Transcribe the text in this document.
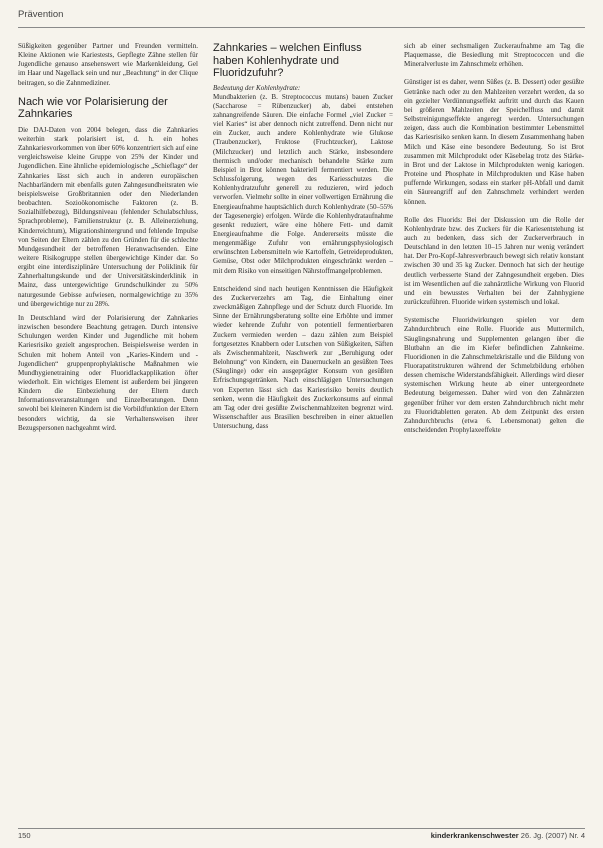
Prävention

Süßigkeiten gegenüber Partner und Freunden vermitteln. Kleine Aktionen wie Kariestests, Gepflegte Zähne stellen für Jugendliche genauso ansehenswert wie Markenkleidung, Gel im Haar und Nagellack sein und nur „Beachtung“ in der Clique beitragen, so die Zahnmediziner.

Nach wie vor Polarisierung der Zahnkaries

Die DAJ-Daten von 2004 belegen, dass die Zahnkaries weiterhin stark polarisiert ist, d. h. ein hohes Zahnkariesvorkommen von über 60% konzentriert sich auf eine vergleichsweise kleine Gruppe von 25% der Kinder und Jugendlichen. Eine ähnliche epidemiologische „Schieflage“ der Zahnkaries lässt sich auch in anderen europäischen Nachbarländern mit ebenfalls guten Zahngesundheitsraten wie beispielsweise Großbritannien oder den Niederlanden beobachten. Sozioökonomische Faktoren (z. B. Sozialhilfebezug), Bildungsniveau (fehlender Schulabschluss, Sprachprobleme), Familienstruktur (z. B. Alleinerziehung, Kinderreichtum), Migrationshintergrund und fehlende Impulse von Seiten der Eltern zählen zu den Gründen für die schlechte Mundgesundheit der betroffenen Heranwachsenden. Eine weitere Risikogruppe stellen übergewichtige Kinder dar. So ergibt eine interdisziplinäre Untersuchung der Poliklinik für Zahnerhaltungskunde und der Universitätskinderklinik in Mainz, dass untergewichtige Grundschulkinder zu 50% naturgesunde Gebisse aufwiesen, normalgewichtige zu 35% und übergewichtige nur zu 28%.

In Deutschland wird der Polarisierung der Zahnkaries inzwischen besondere Beachtung getragen. Durch intensive Schulungen werden Kinder und Jugendliche mit hohem Kariesrisiko gezielt angesprochen. Beispielsweise werden in Schulen mit hohem Anteil von „Karies-Kindern und -Jugendlichen“ gruppenprophylaktische Maßnahmen wie Mundhygienetraining oder Fluoridlackapplikation öfter wiederholt. Ein wichtiges Element ist außerdem bei jüngeren Kindern die Einbeziehung der Eltern durch Informationsveranstaltungen und Einzelberatungen. Denn sowohl bei kleineren Kindern ist die Vorbildfunktion der Eltern besonders wichtig, da sie Verhaltensweisen ihrer Bezugspersonen nachgeahmt wird.

Zahnkaries – welchen Einfluss haben Kohlenhydrate und Fluoridzufuhr?

Bedeutung der Kohlenhydrate:

Mundbakterien (z. B. Streptococcus mutans) bauen Zucker (Saccharose = Rübenzucker) ab, dabei entstehen zahnangreifende Säuren. Die einfache Formel „viel Zucker = viel Karies“ ist aber dennoch nicht zutreffend. Denn nicht nur ein Zucker, auch andere Kohlenhydrate wie Glukose (Traubenzucker), Fruktose (Fruchtzucker), Laktose (Milchzucker) und letztlich auch Stärke, insbesondere thermisch und/oder mechanisch behandelte Stärke zum Beispiel in Brot können bakteriell fermentiert werden. Die Schlussfolgerung, wegen des Kariesschutzes die Kohlenhydratzufuhr generell zu reduzieren, wird jedoch verworfen. Vielmehr sollte in einer vollwertigen Ernährung die Energieaufnahme hauptsächlich durch Kohlenhydrate (50–55% der Tagesenergie) erfolgen. Würde die Kohlenhydrataufnahme gesenkt reduziert, wäre eine höhere Fett- und damit Energieaufnahme die Folge. Andererseits müsste die mengenmäßige Zufuhr von ernährungsphysiologisch erwünschten Lebensmitteln wie Kartoffeln, Getreideprodukten, Gemüse, Obst oder Milchprodukten eingeschränkt werden – mit dem Risiko von einseitigen Nährstoffmangelproblemen.

Entscheidend sind nach heutigen Kenntnissen die Häufigkeit des Zuckerverzehrs am Tag, die Einhaltung einer zweckmäßigen Zahnpflege und der Schutz durch Fluoride. Im Sinne der Ernährungsberatung sollte eine Erhöhte und immer wieder kehrende Zufuhr von potentiell fermentierbaren Zuckern vermieden werden – dazu zählen zum Beispiel fortgesetztes Knabbern oder Lutschen von Süßigkeiten, Säften als Zwischenmahlzeit, Naschwerk zur „Beruhigung oder Belohnung“ von Kindern, ein Dauernuckeln an gesüßten Tees (Säuglinge) oder ein ausgeprägter Konsum von gesüßten Erfrischungsgetränken. Nach einschlägigen Untersuchungen von Experten lässt sich das Kariesrisiko bereits deutlich senken, wenn die Häufigkeit des Zuckerkonsums auf einmal am Tag oder drei gesüßte Zwischenmahlzeiten begrenzt wird. Wissenschaftler aus Brasilien beschreiben in einer aktuellen Untersuchung, dass

sich ab einer sechsmaligen Zuckeraufnahme am Tag die Plaquemasse, die Besiedlung mit Streptococcen und die Mineralverluste im Zahnschmelz erhöhen.

Günstiger ist es daher, wenn Süßes (z. B. Dessert) oder gesüßte Getränke nach oder zu den Mahlzeiten verzehrt werden, da so ein gezielter Verdünnungseffekt auftritt und durch das Kauen bei größeren Mahlzeiten der Speichelfluss und damit Selbstreinigungseffekte angeregt werden. Untersuchungen zeigen, dass auch die Kombination bestimmter Lebensmittel das Kariesrisiko senken kann. In diesem Zusammenhang haben Milch und Käse eine besondere Bedeutung. So ist Brot zusammen mit Milchprodukt oder Käsebelag trotz des Stärke- in Brot und der Laktose in Milchprodukten wenig kariogen. Proteine und Phosphate in Milchprodukten und Käse haben puffernde Wirkungen, sodass ein starker pH-Abfall und damit ein Säureangriff auf den Zahnschmelz verhindert werden können.

Rolle des Fluorids: Bei der Diskussion um die Rolle der Kohlenhydrate bzw. des Zuckers für die Kariesentstehung ist auch zu bedenken, dass sich der Zuckerverbrauch in Deutschland in den letzten 10–15 Jahren nur wenig verändert hat. Der Pro-Kopf-Jahresverbrauch bewegt sich relativ konstant zwischen 30 und 35 kg Zucker. Dennoch hat sich der heutige deutlich verbesserte Stand der Zahngesundheit ergeben. Dies ist im Wesentlichen auf die zahnärztliche Wirkung von Fluorid und ein bewusstes Verhalten bei der Zahnhygiene zurückzuführen. Fluoride wirken systemisch und lokal.

Systemische Fluoridwirkungen spielen vor dem Zahndurchbruch eine Rolle. Fluoride aus Muttermilch, Säuglingsnahrung und Supplementen gelangen über die Blutbahn an die im Kiefer befindlichen Zahnkeime. Fluoridionen in die Zahnschmelzkristalle und die Bildung von Fluorapatitstrukturen während der Schmelzbildung erhöhen dessen chemische Widerstandsfähigkeit. Allerdings wird dieser systemischen Wirkung heute ab einer untergeordnete Bedeutung beigemessen. Daher wird von den Zahnärzten gegenüber früher vor dem ersten Zahndurchbruch nicht mehr zu Fluoridtabletten geraten. Ab dem Zeitpunkt des ersten Zahndurchbruchs (etwa 6. Lebensmonat) gelten die entscheidenden Prophylaxeeffekte

150	kinderkrankenschwester 26. Jg. (2007) Nr. 4
